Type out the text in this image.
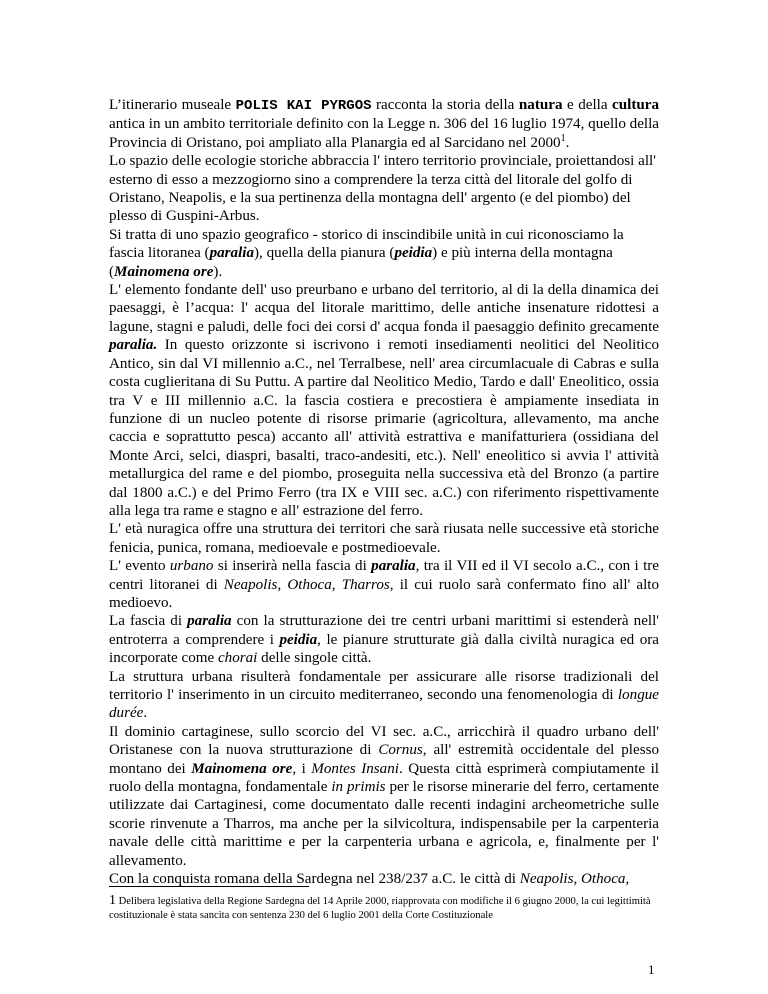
L’itinerario museale POLIS KAI PYRGOS racconta la storia della natura e della cultura antica in un ambito territoriale definito con la Legge n. 306 del 16 luglio 1974, quello della Provincia di Oristano, poi ampliato alla Planargia ed al Sarcidano nel 2000$^1$.

Lo spazio delle ecologie storiche abbraccia l' intero territorio provinciale, proiettandosi all' esterno di esso a mezzogiorno sino a comprendere la terza città del litorale del golfo di Oristano, Neapolis, e la sua pertinenza della montagna dell' argento (e del piombo) del plesso di Guspini-Arbus.

Si tratta di uno spazio geografico - storico di inscindibile unità in cui riconosciamo la fascia litoranea (paralia), quella della pianura (peidia) e più interna della montagna (Mainomena ore).

L' elemento fondante dell' uso preurbano e urbano del territorio, al di la della dinamica dei paesaggi, è l’acqua: l' acqua del litorale marittimo, delle antiche insenature ridottesi a lagune, stagni e paludi, delle foci dei corsi d' acqua fonda il paesaggio definito grecamente paralia. In questo orizzonte si iscrivono i remoti insediamenti neolitici del Neolitico Antico, sin dal VI millennio a.C., nel Terralbese, nell' area circumlacuale di Cabras e sulla costa cuglieritana di Su Puttu. A partire dal Neolitico Medio, Tardo e dall' Eneolitico, ossia tra V e III millennio a.C. la fascia costiera e precostiera è ampiamente insediata in funzione di un nucleo potente di risorse primarie (agricoltura, allevamento, ma anche caccia e soprattutto pesca) accanto all' attività estrattiva e manifatturiera (ossidiana del Monte Arci, selci, diaspri, basalti, traco-andesiti, etc.). Nell' eneolitico si avvia l' attività metallurgica del rame e del piombo, proseguita nella successiva età del Bronzo (a partire dal 1800 a.C.) e del Primo Ferro (tra IX e VIII sec. a.C.) con riferimento rispettivamente alla lega tra rame e stagno e all' estrazione del ferro.

L' età nuragica offre una struttura dei territori che sarà riusata nelle successive età storiche fenicia, punica, romana, medioevale e postmedioevale.

L' evento urbano si inserirà nella fascia di paralia, tra il VII ed il VI secolo a.C., con i tre centri litoranei di Neapolis, Othoca, Tharros, il cui ruolo sarà confermato fino all' alto medioevo.

La fascia di paralia con la strutturazione dei tre centri urbani marittimi si estenderà nell' entroterra a comprendere i peidia, le pianure strutturate già dalla civiltà nuragica ed ora incorporate come chorai delle singole città.

La struttura urbana risulterà fondamentale per assicurare alle risorse tradizionali del territorio l' inserimento in un circuito mediterraneo, secondo una fenomenologia di longue durée.

Il dominio cartaginese, sullo scorcio del VI sec. a.C., arricchirà il quadro urbano dell' Oristanese con la nuova strutturazione di Cornus, all' estremità occidentale del plesso montano dei Mainomena ore, i Montes Insani. Questa città esprimerà compiutamente il ruolo della montagna, fondamentale in primis per le risorse minerarie del ferro, certamente utilizzate dai Cartaginesi, come documentato dalle recenti indagini archeometriche sulle scorie rinvenute a Tharros, ma anche per la silvicoltura, indispensabile per la carpenteria navale delle città marittime e per la carpenteria urbana e agricola, e, finalmente per l' allevamento.

Con la conquista romana della Sardegna nel 238/237 a.C. le città di Neapolis, Othoca,

1 Delibera legislativa della Regione Sardegna del 14 Aprile 2000, riapprovata con modifiche il 6 giugno 2000, la cui legittimità costituzionale è stata sancita con sentenza 230 del 6 luglio 2001 della Corte Costituzionale
1
